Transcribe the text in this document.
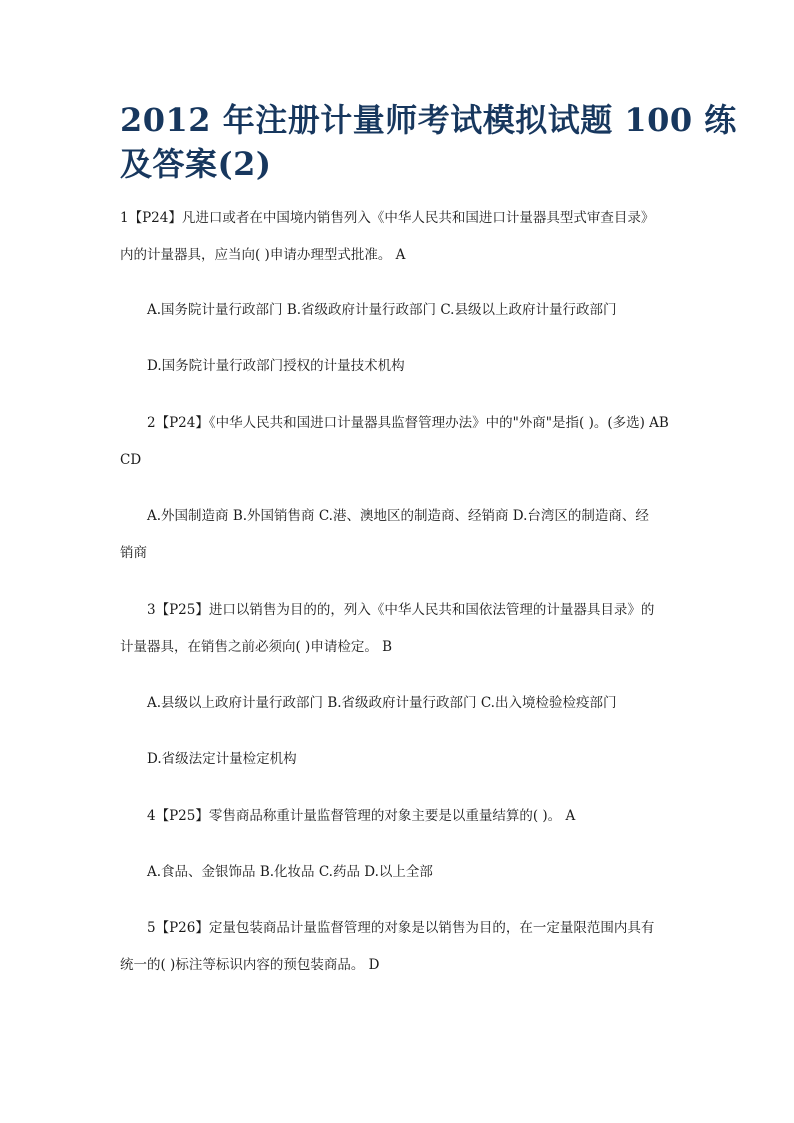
2012 年注册计量师考试模拟试题 100 练
及答案(2)

1【P24】凡进口或者在中国境内销售列入《中华人民共和国进口计量器具型式审查目录》
内的计量器具，应当向( )申请办理型式批准。 A

A.国务院计量行政部门 B.省级政府计量行政部门 C.县级以上政府计量行政部门

D.国务院计量行政部门授权的计量技术机构

2【P24】《中华人民共和国进口计量器具监督管理办法》中的"外商"是指( )。(多选) AB
CD

A.外国制造商 B.外国销售商 C.港、澳地区的制造商、经销商 D.台湾区的制造商、经
销商

3【P25】进口以销售为目的的，列入《中华人民共和国依法管理的计量器具目录》的
计量器具，在销售之前必须向( )申请检定。 B

A.县级以上政府计量行政部门 B.省级政府计量行政部门 C.出入境检验检疫部门

D.省级法定计量检定机构

4【P25】零售商品称重计量监督管理的对象主要是以重量结算的( )。 A

A.食品、金银饰品 B.化妆品 C.药品 D.以上全部

5【P26】定量包装商品计量监督管理的对象是以销售为目的，在一定量限范围内具有
统一的( )标注等标识内容的预包装商品。 D
